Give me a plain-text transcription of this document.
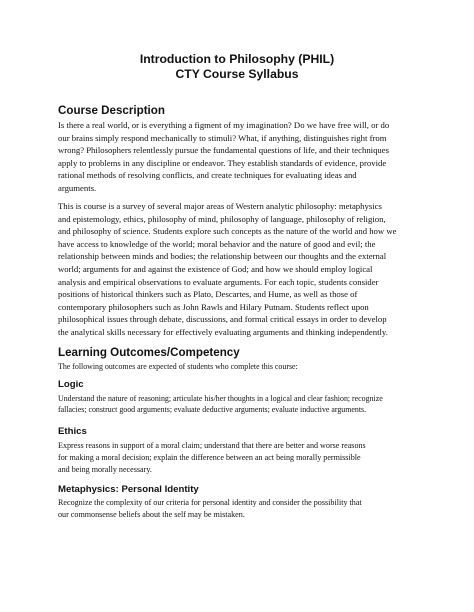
Introduction to Philosophy (PHIL)
CTY Course Syllabus
Course Description

Is there a real world, or is everything a figment of my imagination? Do we have free will, or do
our brains simply respond mechanically to stimuli? What, if anything, distinguishes right from
wrong? Philosophers relentlessly pursue the fundamental questions of life, and their techniques
apply to problems in any discipline or endeavor. They establish standards of evidence, provide
rational methods of resolving conflicts, and create techniques for evaluating ideas and
arguments.

This is course is a survey of several major areas of Western analytic philosophy: metaphysics
and epistemology, ethics, philosophy of mind, philosophy of language, philosophy of religion,
and philosophy of science. Students explore such concepts as the nature of the world and how we
have access to knowledge of the world; moral behavior and the nature of good and evil; the
relationship between minds and bodies; the relationship between our thoughts and the external
world; arguments for and against the existence of God; and how we should employ logical
analysis and empirical observations to evaluate arguments. For each topic, students consider
positions of historical thinkers such as Plato, Descartes, and Hume, as well as those of
contemporary philosophers such as John Rawls and Hilary Putnam. Students reflect upon
philosophical issues through debate, discussions, and formal critical essays in order to develop
the analytical skills necessary for effectively evaluating arguments and thinking independently.

Learning Outcomes/Competency

The following outcomes are expected of students who complete this course:

Logic

Understand the nature of reasoning; articulate his/her thoughts in a logical and clear fashion; recognize
fallacies; construct good arguments; evaluate deductive arguments; evaluate inductive arguments.

Ethics

Express reasons in support of a moral claim; understand that there are better and worse reasons
for making a moral decision; explain the difference between an act being morally permissible
and being morally necessary.

Metaphysics: Personal Identity

Recognize the complexity of our criteria for personal identity and consider the possibility that
our commonsense beliefs about the self may be mistaken.
